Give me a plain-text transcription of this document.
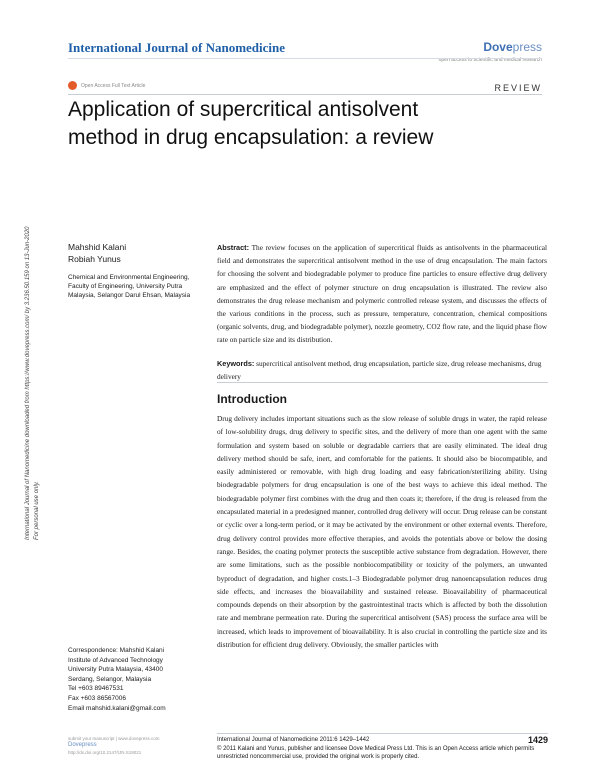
International Journal of Nanomedicine	Dovepress
open access to scientific and medical research
Open Access Full Text Article	REVIEW
Application of supercritical antisolvent method in drug encapsulation: a review
International Journal of Nanomedicine downloaded from https://www.dovepress.com/ by 3.236.50.159 on 13-Jun-2020 For personal use only.
Mahshid Kalani
Robiah Yunus
Chemical and Environmental Engineering, Faculty of Engineering, University Putra Malaysia, Selangor Darul Ehsan, Malaysia
Abstract: The review focuses on the application of supercritical fluids as antisolvents in the pharmaceutical field and demonstrates the supercritical antisolvent method in the use of drug encapsulation. The main factors for choosing the solvent and biodegradable polymer to produce fine particles to ensure effective drug delivery are emphasized and the effect of polymer structure on drug encapsulation is illustrated. The review also demonstrates the drug release mechanism and polymeric controlled release system, and discusses the effects of the various conditions in the process, such as pressure, temperature, concentration, chemical compositions (organic solvents, drug, and biodegradable polymer), nozzle geometry, CO2 flow rate, and the liquid phase flow rate on particle size and its distribution.
Keywords: supercritical antisolvent method, drug encapsulation, particle size, drug release mechanisms, drug delivery
Introduction
Drug delivery includes important situations such as the slow release of soluble drugs in water, the rapid release of low-solubility drugs, drug delivery to specific sites, and the delivery of more than one agent with the same formulation and system based on soluble or degradable carriers that are easily eliminated. The ideal drug delivery method should be safe, inert, and comfortable for the patients. It should also be biocompatible, and easily administered or removable, with high drug loading and easy fabrication/sterilizing ability. Using biodegradable polymers for drug encapsulation is one of the best ways to achieve this ideal method. The biodegradable polymer first combines with the drug and then coats it; therefore, if the drug is released from the encapsulated material in a predesigned manner, controlled drug delivery will occur. Drug release can be constant or cyclic over a long-term period, or it may be activated by the environment or other external events. Therefore, drug delivery control provides more effective therapies, and avoids the potentials above or below the dosing range. Besides, the coating polymer protects the susceptible active substance from degradation. However, there are some limitations, such as the possible nonbiocompatibility or toxicity of the polymers, an unwanted byproduct of degradation, and higher costs.1–3 Biodegradable polymer drug nanoencapsulation reduces drug side effects, and increases the bioavailability and sustained release. Bioavailability of pharmaceutical compounds depends on their absorption by the gastrointestinal tracts which is affected by both the dissolution rate and membrane permeation rate. During the supercritical antisolvent (SAS) process the surface area will be increased, which leads to improvement of bioavailability. It is also crucial in controlling the particle size and its distribution for efficient drug delivery. Obviously, the smaller particles with
Correspondence: Mahshid Kalani
Institute of Advanced Technology
University Putra Malaysia, 43400
Serdang, Selangor, Malaysia
Tel +603 89467531
Fax +603 86567006
Email mahshid.kalani@gmail.com
submit your manuscript | www.dovepress.com
Dovepress
http://dx.doi.org/10.2147/IJN.S19021
International Journal of Nanomedicine 2011:6 1429–1442
© 2011 Kalani and Yunus, publisher and licensee Dove Medical Press Ltd. This is an Open Access article which permits unrestricted noncommercial use, provided the original work is properly cited.
1429
